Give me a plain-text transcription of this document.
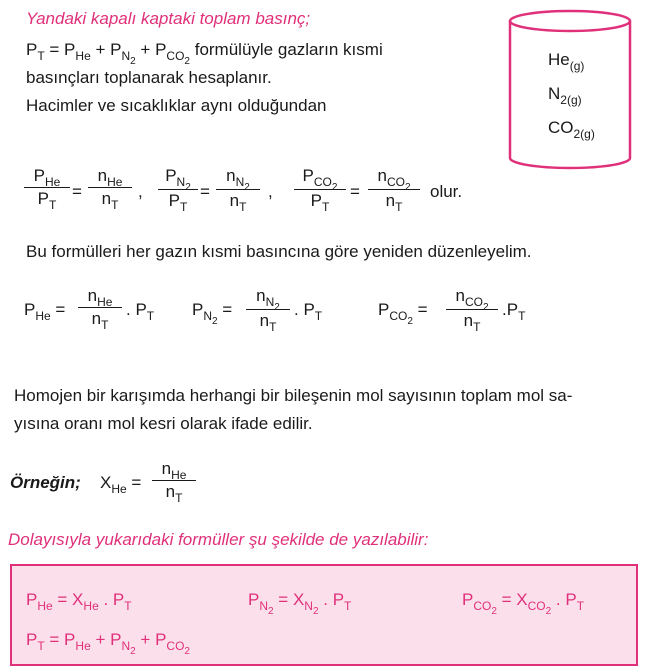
Yandaki kapalı kaptaki toplam basınç;
$P_T = P_{He} + P_{N_2} + P_{CO_2}$ formülüyle gazların kısmi
basınçları toplanarak hesaplanır.
Hacimler ve sıcaklıklar aynı olduğundan
$He_{(g)}$
$N_{2(g)}$
$CO_{2(g)}$
$P_{He}$
$P_T$
=
$n_{He}$
$n_T$
,
$P_{N_2}$
$P_T$
=
$n_{N_2}$
$n_T$
,
$P_{CO_2}$
$P_T$
=
$n_{CO_2}$
$n_T$
olur.
Bu formülleri her gazın kısmi basıncına göre yeniden düzenleyelim.
$P_{He}$ =
$n_{He}$
$n_T$
. $P_T$ $P_{N_2}$ =
$n_{N_2}$
$n_T$
. $P_T$	$P_{CO_2}$ =
$n_{CO_2}$
$n_T$
$.P_T$
Homojen bir karışımda herhangi bir bileşenin mol sayısının toplam mol sa-
yısına oranı mol kesri olarak ifade edilir.
Örneğin; $X_{He}$ =
$n_{He}$
$n_T$
Dolayısıyla yukarıdaki formüller şu şekilde de yazılabilir:
$P_{He} = X_{He}$ . $P_T$	$P_{N_2} = X_{N_2}$ . $P_T$	$P_{CO_2} = X_{CO_2}$ . $P_T$
$P_T = P_{He} + P_{N_2} + P_{CO_2}$
